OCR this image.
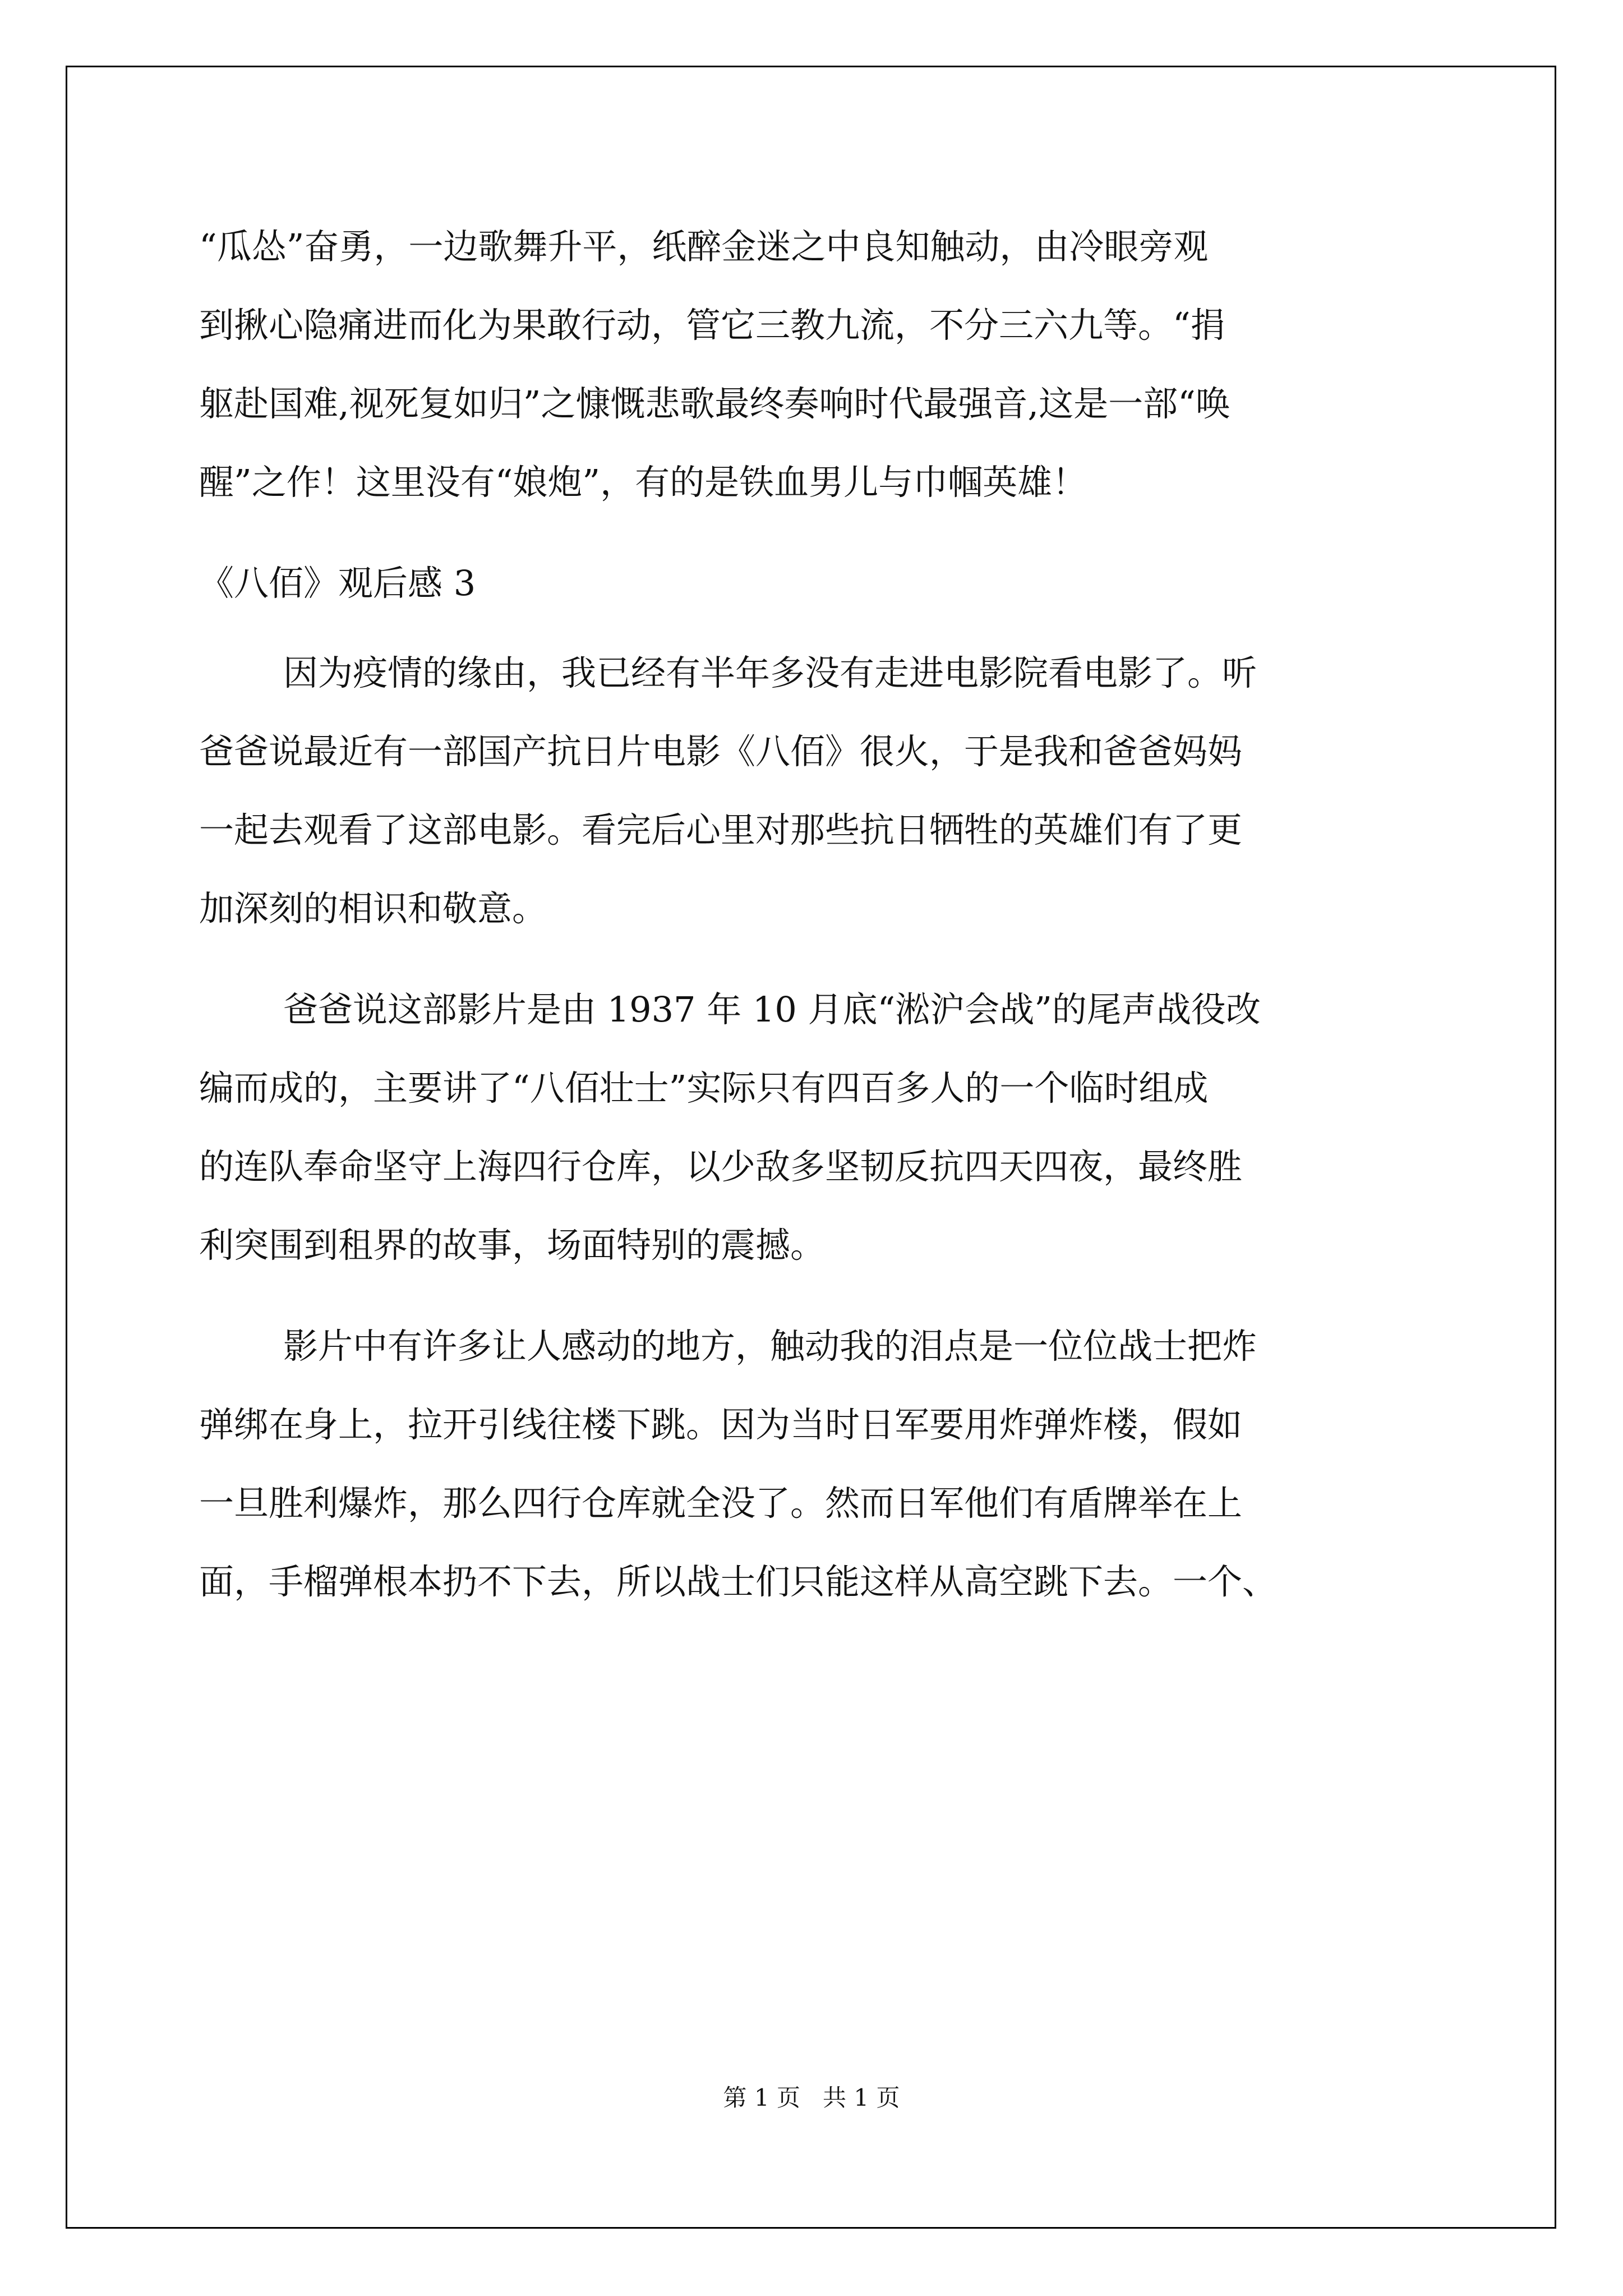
“瓜怂”奋勇，一边歌舞升平，纸醉金迷之中良知触动，由冷眼旁观
到揪心隐痛进而化为果敢行动，管它三教九流，不分三六九等。“捐
躯赴国难,视死复如归”之慷慨悲歌最终奏响时代最强音,这是一部“唤
醒”之作！这里没有“娘炮”，有的是铁血男儿与巾帼英雄！
《八佰》观后感 3
因为疫情的缘由，我已经有半年多没有走进电影院看电影了。听
爸爸说最近有一部国产抗日片电影《八佰》很火，于是我和爸爸妈妈
一起去观看了这部电影。看完后心里对那些抗日牺牲的英雄们有了更
加深刻的相识和敬意。
爸爸说这部影片是由 1937 年 10 月底“淞沪会战”的尾声战役改
编而成的，主要讲了“八佰壮士”实际只有四百多人的一个临时组成
的连队奉命坚守上海四行仓库，以少敌多坚韧反抗四天四夜，最终胜
利突围到租界的故事，场面特别的震撼。
影片中有许多让人感动的地方，触动我的泪点是一位位战士把炸
弹绑在身上，拉开引线往楼下跳。因为当时日军要用炸弹炸楼，假如
一旦胜利爆炸，那么四行仓库就全没了。然而日军他们有盾牌举在上
面，手榴弹根本扔不下去，所以战士们只能这样从高空跳下去。一个、
第 1 页   共 1 页
